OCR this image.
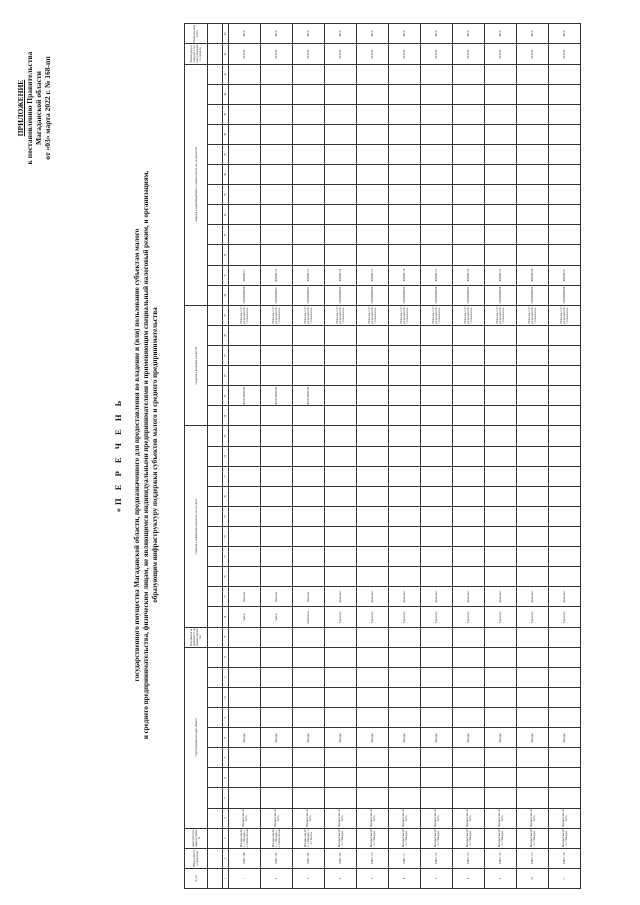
ПРИЛОЖЕНИЕ к постановлению Правительства Магаданской области от «03» марта 2022 г. № 168-пп
«П Е Р Е Ч Е Н Ь государственного имущества Магаданской области, предназначенного для предоставления во владение и (или) пользование субъектам малого и среднего предпринимательства, физическим лицам, не являющимся индивидуальными предпринимателями и применяющим специальный налоговый режим, и организациям, образующим инфраструктуру поддержки субъектов малого и среднего предпринимательства
№ п/п	Номер в реестре имущества	Адрес (местоположение) объекта	Структурированный адрес объекта									Вид объекта недвижимости; движимое имущество	Сведения о недвижимом имуществе или его части										Сведения о движимом имуществе						Сведения о правообладателях и о правах третьих лиц на имущество												Указать одно из значений: в перечне (изменениях в перечни)	Реквизиты документа

1	2	3	4	5	6	7	8	9	10	11	12	13	14	15	16	17	18	19	20	21	22	23	24	25	26	27	28	29	30	31	32	33	34	35	36	37	38	39	40	41	42	43
1	27RU1106	Магаданская обл., г. Магадан, ул. Пролетарская	Магаданская область				Магадан						Здание	Нежилое										49:09:030403:42				Общество с ограниченной ответственностью	1024900960520	4909007111											05.03.22	168-пп
2	27RU1107	Магаданская обл., г. Магадан, ул. Пролетарская	Магаданская область				Магадан						Здание	Нежилое										49:09:030403:43				Общество с ограниченной ответственностью	1024900960521	4909007112											05.03.22	168-пп
3	27RU1108	Магаданская обл., г. Магадан, пр-т Ленина	Магаданская область				Магадан						Помещение	Нежилое										49:09:030403:44				Общество с ограниченной ответственностью	1024900960522	4909007113											05.03.22	168-пп
4	27RU1109	Магаданская обл., г. Магадан	Магаданская область				Магадан						Транспорт	Движимое														Общество с ограниченной ответственностью	1024900960523	4909007114											05.03.22	168-пп
5	27RU1110	Магаданская обл., г. Магадан	Магаданская область				Магадан						Транспорт	Движимое														Общество с ограниченной ответственностью	1024900960524	4909007115											05.03.22	168-пп
6	27RU1111	Магаданская обл., г. Магадан	Магаданская область				Магадан						Транспорт	Движимое														Общество с ограниченной ответственностью	1024900960525	4909007116											05.03.22	168-пп
7	27RU1112	Магаданская обл., г. Магадан	Магаданская область				Магадан						Транспорт	Движимое														Общество с ограниченной ответственностью	1024900960526	4909007117											05.03.22	168-пп
8	27RU1113	Магаданская обл., г. Магадан	Магаданская область				Магадан						Транспорт	Движимое														Общество с ограниченной ответственностью	1024900960527	4909007118											05.03.22	168-пп
9	27RU1114	Магаданская обл., г. Магадан	Магаданская область				Магадан						Транспорт	Движимое														Общество с ограниченной ответственностью	1024900960528	4909007119											05.03.22	168-пп
10	27RU1115	Магаданская обл., г. Магадан	Магаданская область				Магадан						Транспорт	Движимое														Общество с ограниченной ответственностью	1024900960529	4909007120											05.03.22	168-пп
11	27RU1116	Магаданская обл., г. Магадан	Магаданская область				Магадан						Транспорт	Движимое														Общество с ограниченной ответственностью	1024900960530	4909007121											05.03.22	168-пп
